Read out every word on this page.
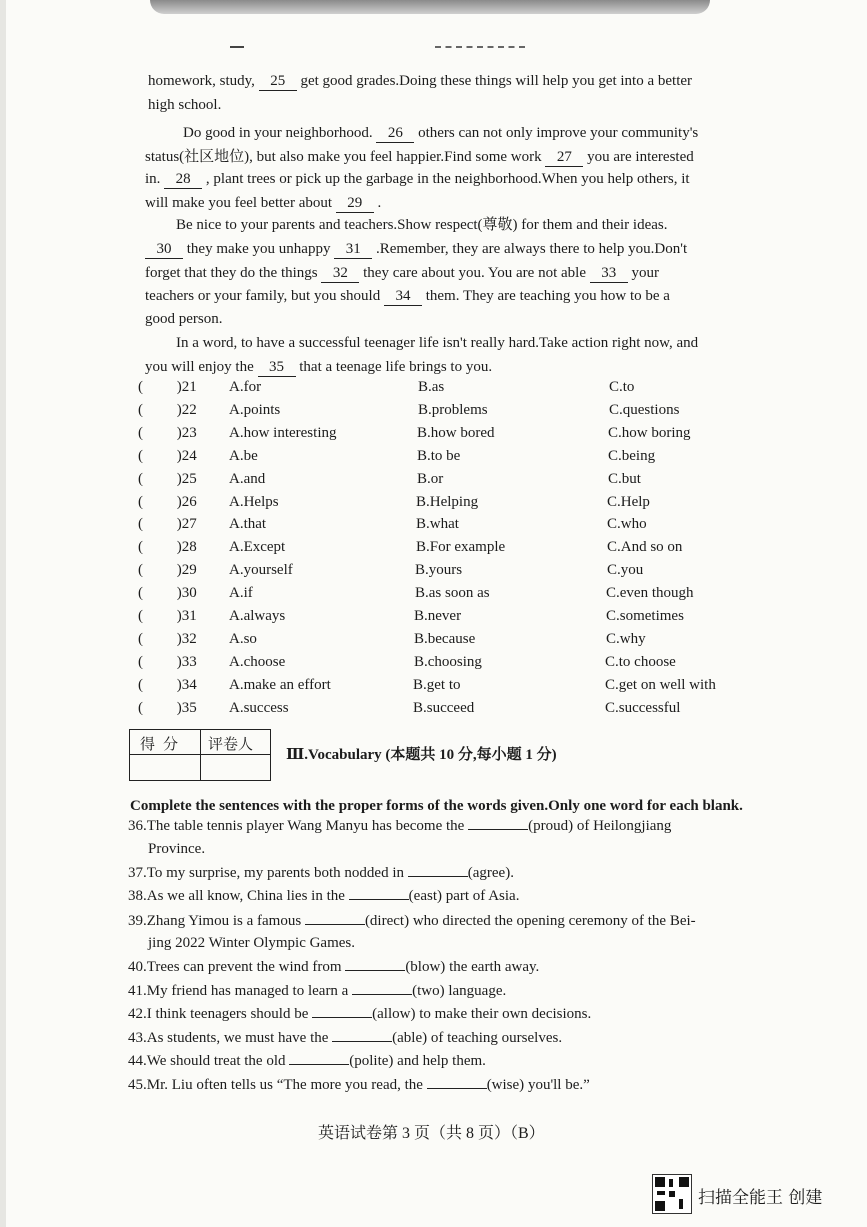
homework, study, 25 get good grades.Doing these things will help you get into a better
high school.
Do good in your neighborhood. 26 others can not only improve your community's
status(社区地位), but also make you feel happier.Find some work 27 you are interested
in. 28 , plant trees or pick up the garbage in the neighborhood.When you help others, it
will make you feel better about 29 .
Be nice to your parents and teachers.Show respect(尊敬) for them and their ideas.
30 they make you unhappy 31 .Remember, they are always there to help you.Don't
forget that they do the things 32 they care about you. You are not able 33 your
teachers or your family, but you should 34 them. They are teaching you how to be a
good person.
In a word, to have a successful teenager life isn't really hard.Take action right now, and
you will enjoy the 35 that a teenage life brings to you.
(         )21 A.for	B.as	C.to
(         )22 A.points	B.problems	C.questions
(         )23 A.how interesting	B.how bored	C.how boring
(         )24 A.be	B.to be	C.being
(         )25 A.and	B.or	C.but
(         )26 A.Helps	B.Helping	C.Help
(         )27 A.that	B.what	C.who
(         )28 A.Except	B.For example	C.And so on
(         )29 A.yourself	B.yours	C.you
(         )30 A.if	B.as soon as	C.even though
(         )31 A.always	B.never	C.sometimes
(         )32 A.so	B.because	C.why
(         )33 A.choose	B.choosing	C.to choose
(         )34 A.make an effort	B.get to	C.get on well with
(         )35 A.success	B.succeed	C.successful
36.The table tennis player Wang Manyu has become the	(proud) of Heilongjiang
Province.
37.To my surprise, my parents both nodded in	(agree).
38.As we all know, China lies in the	(east) part of Asia.
39.Zhang Yimou is a famous	(direct) who directed the opening ceremony of the Bei-
jing 2022 Winter Olympic Games.
40.Trees can prevent the wind from	(blow) the earth away.
41.My friend has managed to learn a	(two) language.
42.I think teenagers should be	(allow) to make their own decisions.
43.As students, we must have the	(able) of teaching ourselves.
44.We should treat the old	(polite) and help them.
45.Mr. Liu often tells us “The more you read, the	(wise) you'll be.”
得分 评卷人
Ⅲ.Vocabulary (本题共 10 分,每小题 1 分)
Complete the sentences with the proper forms of the words given.Only one word for each blank.
英语试卷第 3 页（共 8 页）（B）
扫描全能王 创建
